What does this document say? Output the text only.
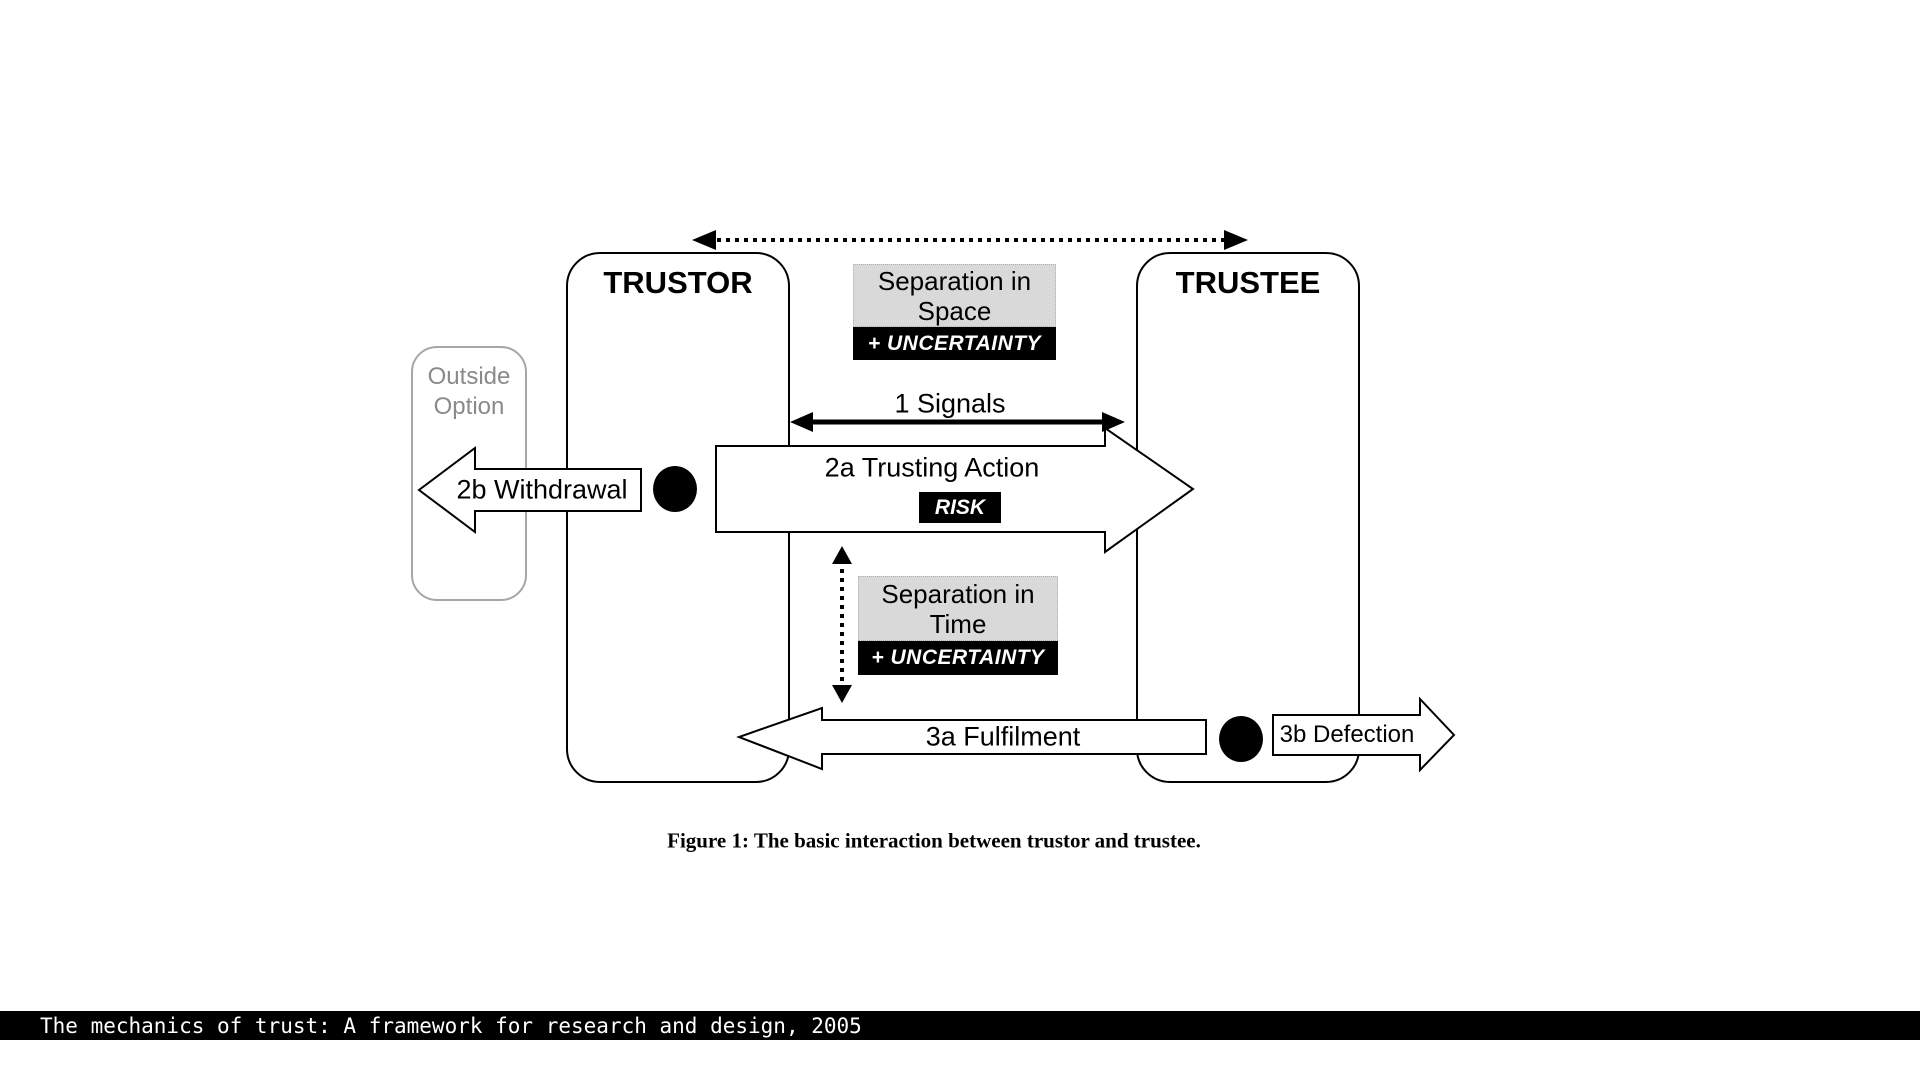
TRUSTOR	TRUSTEE
Outside
Option
Separation in
Space
+ UNCERTAINTY
Separation in
Time
+ UNCERTAINTY
1 Signals
2a Trusting Action
RISK
2b Withdrawal
3a Fulfilment	3b Defection
Figure 1: The basic interaction between trustor and trustee.
The mechanics of trust: A framework for research and design, 2005
